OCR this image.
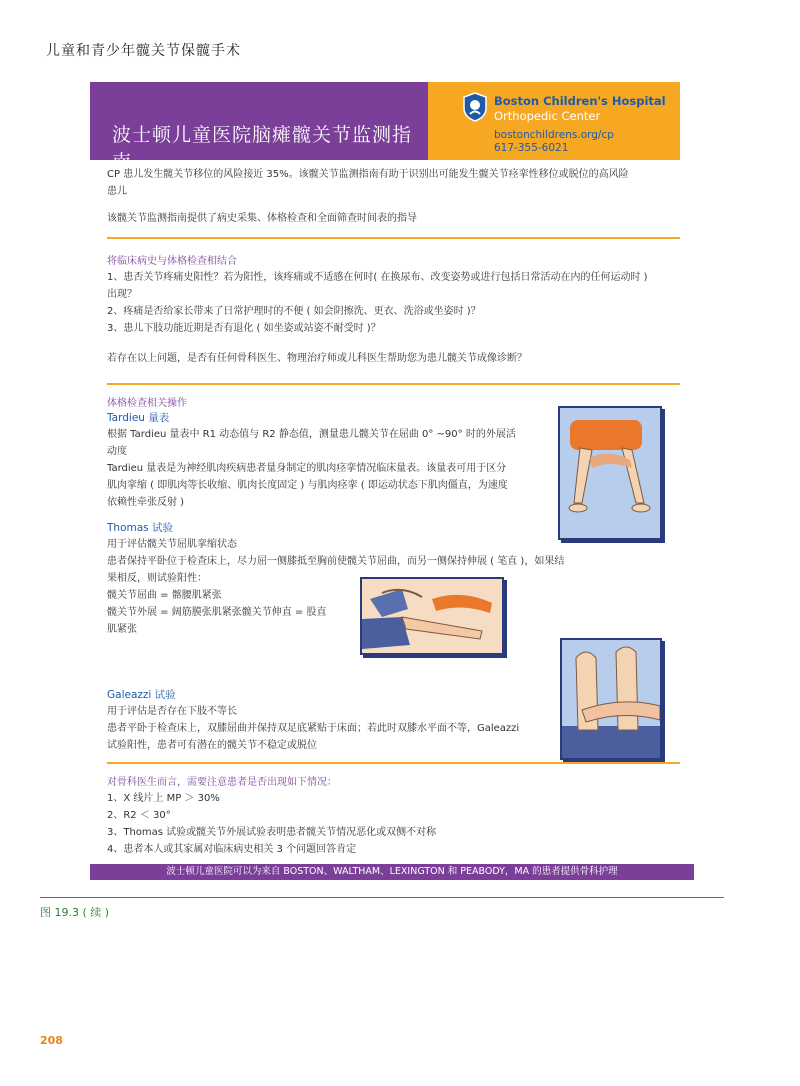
儿童和青少年髋关节保髋手术
波士顿儿童医院脑瘫髋关节监测指南
Boston Children's Hospital
Orthopedic Center
bostonchildrens.org/cp
617-355-6021
CP 患儿发生髋关节移位的风险接近 35%。该髋关节监测指南有助于识别出可能发生髋关节痉挛性移位或脱位的高风险
患儿
该髋关节监测指南提供了病史采集、体格检查和全面筛查时间表的指导
将临床病史与体格检查相结合
1、患否关节疼痛史阳性？若为阳性，该疼痛或不适感在何时( 在换尿布、改变姿势或进行包括日常活动在内的任何运动时 )
出现？
2、疼痛是否给家长带来了日常护理时的不便 ( 如会阴擦洗、更衣、洗浴或坐姿时 )？
3、患儿下肢功能近期是否有退化 ( 如坐姿或站姿不耐受时 )？
若存在以上问题，是否有任何骨科医生、物理治疗师或儿科医生帮助您为患儿髋关节成像诊断？
体格检查相关操作
Tardieu 量表
根据 Tardieu 量表中 R1 动态值与 R2 静态值，测量患儿髋关节在屈曲 0° ~90° 时的外展活
动度
Tardieu 量表是为神经肌肉疾病患者量身制定的肌肉痉挛情况临床量表。该量表可用于区分
肌肉挛缩 ( 即肌肉等长收缩、肌肉长度固定 ) 与肌肉痉挛 ( 即运动状态下肌肉僵直，为速度
依赖性牵张反射 )
Thomas 试验
用于评估髋关节屈肌挛缩状态
患者保持平卧位于检查床上，尽力屈一侧膝抵至胸前使髋关节屈曲，而另一侧保持伸展 ( 笔直 )，如果结
果相反，则试验阳性：
髋关节屈曲 = 髂腰肌紧张
髋关节外展 = 阔筋膜张肌紧张髋关节伸直 = 股直
肌紧张
Galeazzi 试验
用于评估是否存在下肢不等长
患者平卧于检查床上，双膝屈曲并保持双足底紧贴于床面；若此时双膝水平面不等，Galeazzi
试验阳性，患者可有潜在的髋关节不稳定或脱位
对骨科医生而言，需要注意患者是否出现如下情况：
1、X 线片上 MP ＞ 30%
2、R2 ＜ 30°
3、Thomas 试验或髋关节外展试验表明患者髋关节情况恶化或双侧不对称
4、患者本人或其家属对临床病史相关 3 个问题回答肯定
波士顿儿童医院可以为来自 BOSTON、WALTHAM、LEXINGTON 和 PEABODY，MA 的患者提供骨科护理
图 19.3 ( 续 )
208
